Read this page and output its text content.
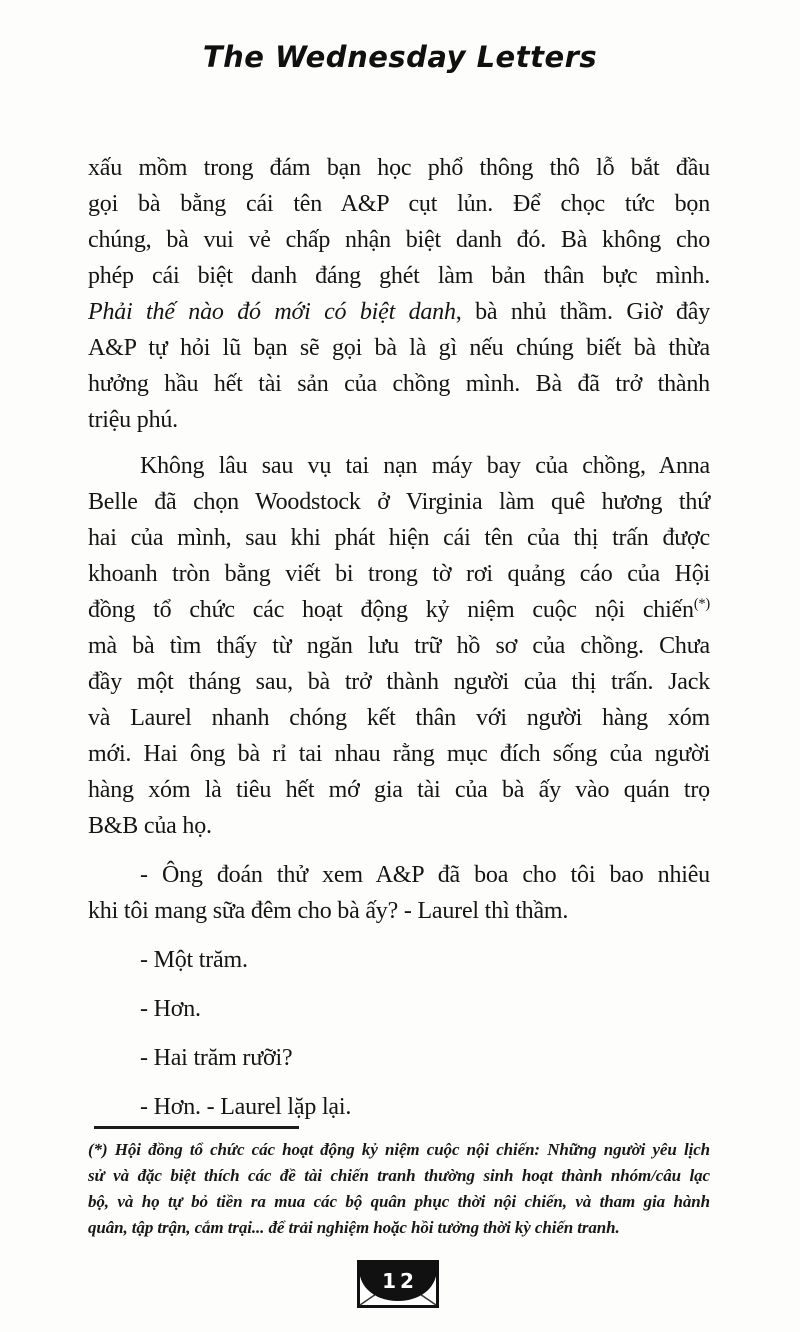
The Wednesday Letters
xấu mồm trong đám bạn học phổ thông thô lỗ bắt đầu
gọi bà bằng cái tên A&P cụt lủn. Để chọc tức bọn
chúng, bà vui vẻ chấp nhận biệt danh đó. Bà không cho
phép cái biệt danh đáng ghét làm bản thân bực mình.
Phải thế nào đó mới có biệt danh, bà nhủ thầm. Giờ đây
A&P tự hỏi lũ bạn sẽ gọi bà là gì nếu chúng biết bà thừa
hưởng hầu hết tài sản của chồng mình. Bà đã trở thành
triệu phú.
Không lâu sau vụ tai nạn máy bay của chồng, Anna
Belle đã chọn Woodstock ở Virginia làm quê hương thứ
hai của mình, sau khi phát hiện cái tên của thị trấn được
khoanh tròn bằng viết bi trong tờ rơi quảng cáo của Hội
đồng tổ chức các hoạt động kỷ niệm cuộc nội chiến(*)
mà bà tìm thấy từ ngăn lưu trữ hồ sơ của chồng. Chưa
đầy một tháng sau, bà trở thành người của thị trấn. Jack
và Laurel nhanh chóng kết thân với người hàng xóm
mới. Hai ông bà rỉ tai nhau rằng mục đích sống của người
hàng xóm là tiêu hết mớ gia tài của bà ấy vào quán trọ
B&B của họ.
- Ông đoán thử xem A&P đã boa cho tôi bao nhiêu
khi tôi mang sữa đêm cho bà ấy? - Laurel thì thầm.
- Một trăm.
- Hơn.
- Hai trăm rưỡi?
- Hơn. - Laurel lặp lại.
(*) Hội đồng tổ chức các hoạt động kỷ niệm cuộc nội chiến: Những người yêu lịch
sử và đặc biệt thích các đề tài chiến tranh thường sinh hoạt thành nhóm/câu lạc
bộ, và họ tự bỏ tiền ra mua các bộ quân phục thời nội chiến, và tham gia hành
quân, tập trận, cắm trại... để trải nghiệm hoặc hồi tưởng thời kỳ chiến tranh.
12
